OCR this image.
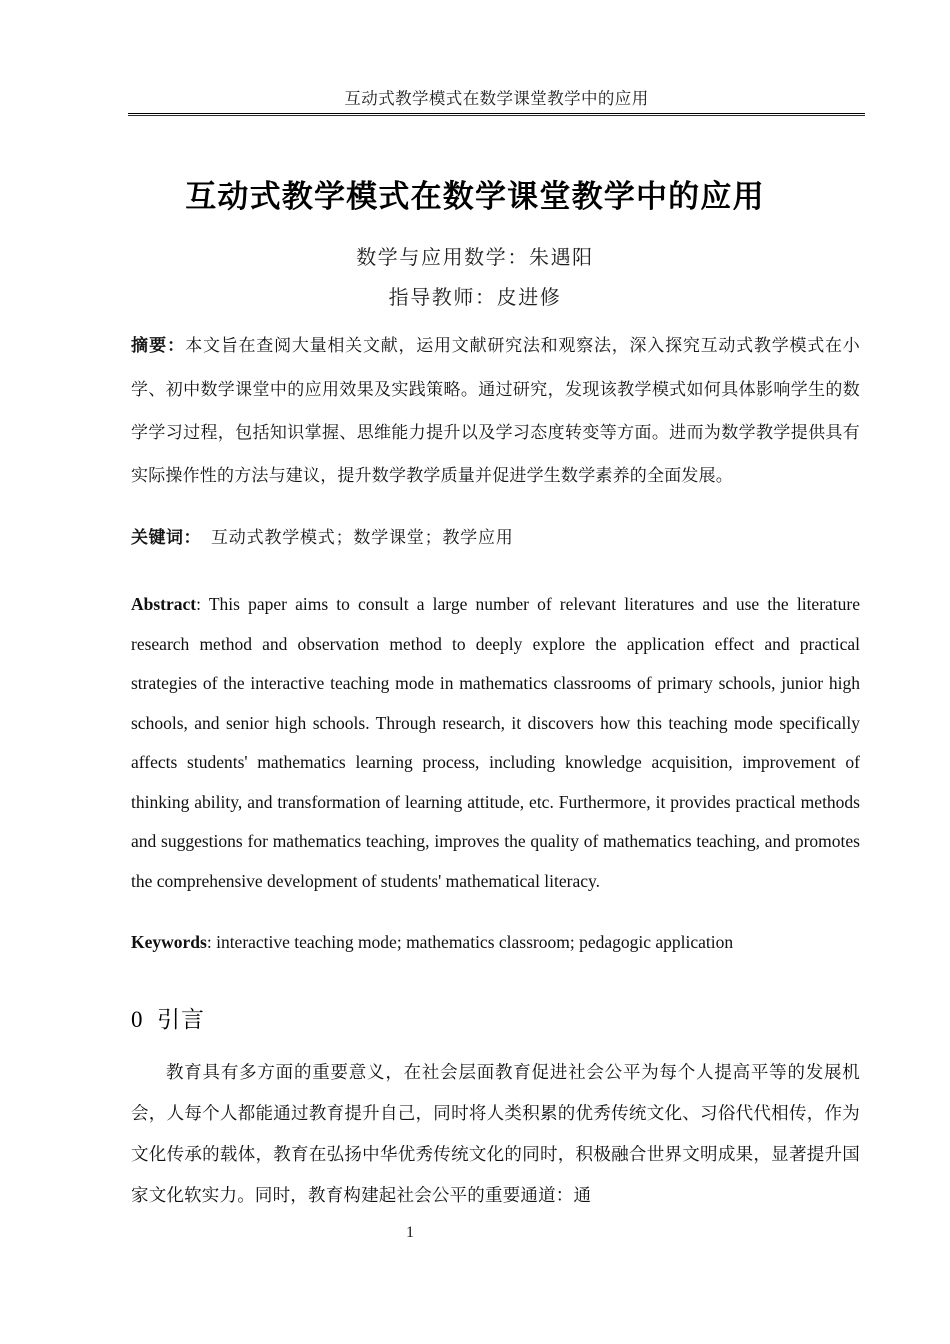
互动式教学模式在数学课堂教学中的应用
互动式教学模式在数学课堂教学中的应用
数学与应用数学：朱遇阳
指导教师：皮进修
摘要：本文旨在查阅大量相关文献，运用文献研究法和观察法，深入探究互动式教学模式在小学、初中数学课堂中的应用效果及实践策略。通过研究，发现该教学模式如何具体影响学生的数学学习过程，包括知识掌握、思维能力提升以及学习态度转变等方面。进而为数学教学提供具有实际操作性的方法与建议，提升数学教学质量并促进学生数学素养的全面发展。
关键词： 互动式教学模式；数学课堂；教学应用
Abstract: This paper aims to consult a large number of relevant literatures and use the literature research method and observation method to deeply explore the application effect and practical strategies of the interactive teaching mode in mathematics classrooms of primary schools, junior high schools, and senior high schools. Through research, it discovers how this teaching mode specifically affects students' mathematics learning process, including knowledge acquisition, improvement of thinking ability, and transformation of learning attitude, etc. Furthermore, it provides practical methods and suggestions for mathematics teaching, improves the quality of mathematics teaching, and promotes the comprehensive development of students' mathematical literacy.
Keywords: interactive teaching mode; mathematics classroom; pedagogic application
0 引言
教育具有多方面的重要意义，在社会层面教育促进社会公平为每个人提高平等的发展机会，人每个人都能通过教育提升自己，同时将人类积累的优秀传统文化、习俗代代相传，作为文化传承的载体，教育在弘扬中华优秀传统文化的同时，积极融合世界文明成果，显著提升国家文化软实力。同时，教育构建起社会公平的重要通道：通
1
